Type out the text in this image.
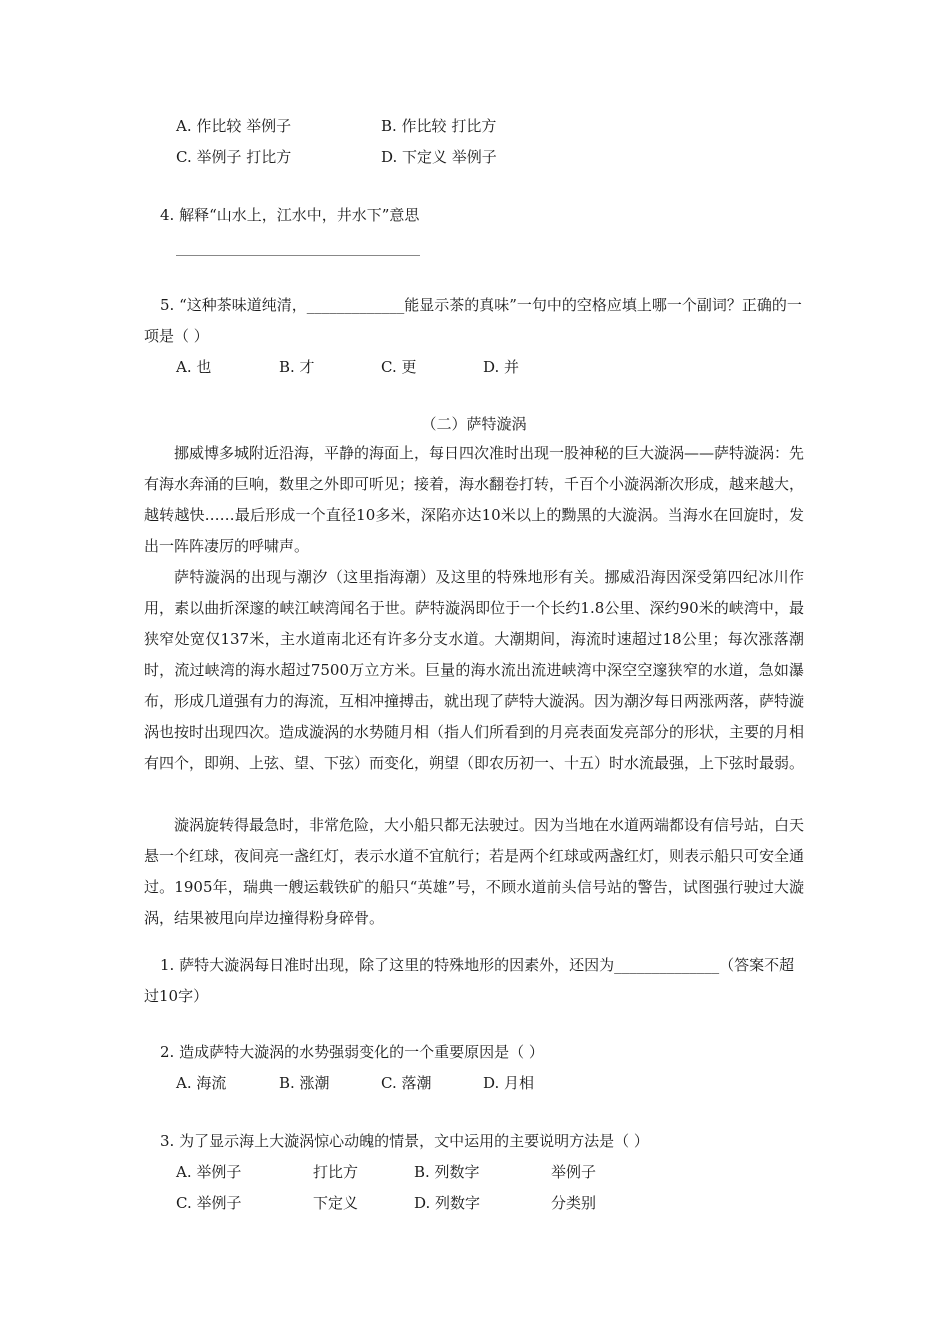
A. 作比较 举例子	B. 作比较 打比方
C. 举例子 打比方	D. 下定义 举例子
4. 解释“山水上，江水中，井水下”意思
5. “这种茶味道纯清，_____________能显示茶的真味”一句中的空格应填上哪一个副词？正确的一项是（ ）
A. 也	B. 才	C. 更	D. 并
（二）萨特漩涡
挪威博多城附近沿海，平静的海面上，每日四次准时出现一股神秘的巨大漩涡——萨特漩涡：先有海水奔涌的巨响，数里之外即可听见；接着，海水翻卷打转，千百个小漩涡渐次形成，越来越大，越转越快……最后形成一个直径10多米，深陷亦达10米以上的黝黑的大漩涡。当海水在回旋时，发出一阵阵凄厉的呼啸声。
萨特漩涡的出现与潮汐（这里指海潮）及这里的特殊地形有关。挪威沿海因深受第四纪冰川作用，素以曲折深邃的峡江峡湾闻名于世。萨特漩涡即位于一个长约1.8公里、深约90米的峡湾中，最狭窄处宽仅137米，主水道南北还有许多分支水道。大潮期间，海流时速超过18公里；每次涨落潮时，流过峡湾的海水超过7500万立方米。巨量的海水流出流进峡湾中深空空邃狭窄的水道，急如瀑布，形成几道强有力的海流，互相冲撞搏击，就出现了萨特大漩涡。因为潮汐每日两涨两落，萨特漩涡也按时出现四次。造成漩涡的水势随月相（指人们所看到的月亮表面发亮部分的形状，主要的月相有四个，即朔、上弦、望、下弦）而变化，朔望（即农历初一、十五）时水流最强，上下弦时最弱。
漩涡旋转得最急时，非常危险，大小船只都无法驶过。因为当地在水道两端都设有信号站，白天悬一个红球，夜间亮一盏红灯，表示水道不宜航行；若是两个红球或两盏红灯，则表示船只可安全通过。1905年，瑞典一艘运载铁矿的船只“英雄”号，不顾水道前头信号站的警告，试图强行驶过大漩涡，结果被甩向岸边撞得粉身碎骨。
1. 萨特大漩涡每日准时出现，除了这里的特殊地形的因素外，还因为______________（答案不超过10字）
2. 造成萨特大漩涡的水势强弱变化的一个重要原因是（ ）
A. 海流	B. 涨潮	C. 落潮	D. 月相
3. 为了显示海上大漩涡惊心动魄的情景，文中运用的主要说明方法是（ ）
A. 举例子	打比方	B. 列数字	举例子
C. 举例子	下定义	D. 列数字	分类别
